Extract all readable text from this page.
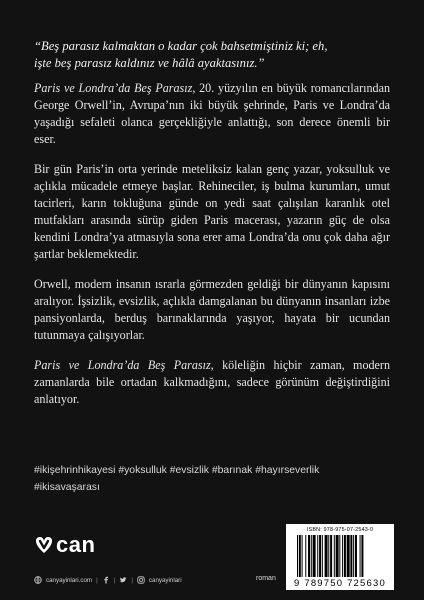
“Beş parasız kalmaktan o kadar çok bahsetmiştiniz ki; eh,
işte beş parasız kaldınız ve hâlâ ayaktasınız.”

Paris ve Londra’da Beş Parasız, 20. yüzyılın en büyük romancılarından George Orwell’in, Avrupa’nın iki büyük şehrinde, Paris ve Londra’da yaşadığı sefaleti olanca gerçekliğiyle anlattığı, son derece önemli bir eser.

Bir gün Paris’in orta yerinde meteliksiz kalan genç yazar, yoksulluk ve açlıkla mücadele etmeye başlar. Rehineciler, iş bulma kurumları, umut tacirleri, karın tokluğuna günde on yedi saat çalışılan karanlık otel mutfakları arasında sürüp giden Paris macerası, yazarın güç de olsa kendini Londra’ya atmasıyla sona erer ama Londra’da onu çok daha ağır şartlar beklemektedir.

Orwell, modern insanın ısrarla görmezden geldiği bir dünyanın kapısını aralıyor. İşsizlik, evsizlik, açlıkla damgalanan bu dünyanın insanları izbe pansiyonlarda, berduş barınaklarında yaşıyor, hayata bir ucundan tutunmaya çalışıyorlar.

Paris ve Londra’da Beş Parasız, köleliğin hiçbir zaman, modern zamanlarda bile ortadan kalkmadığını, sadece görünüm değiştirdiğini anlatıyor.

#ikişehrinhikayesi #yoksulluk #evsizlik #barınak #hayırseverlik
#ikisavaşarası
can
canyayinlari.com |	|	|	canyayinlari	roman
ISBN: 978-975-07-2543-0
9 789750 725630
